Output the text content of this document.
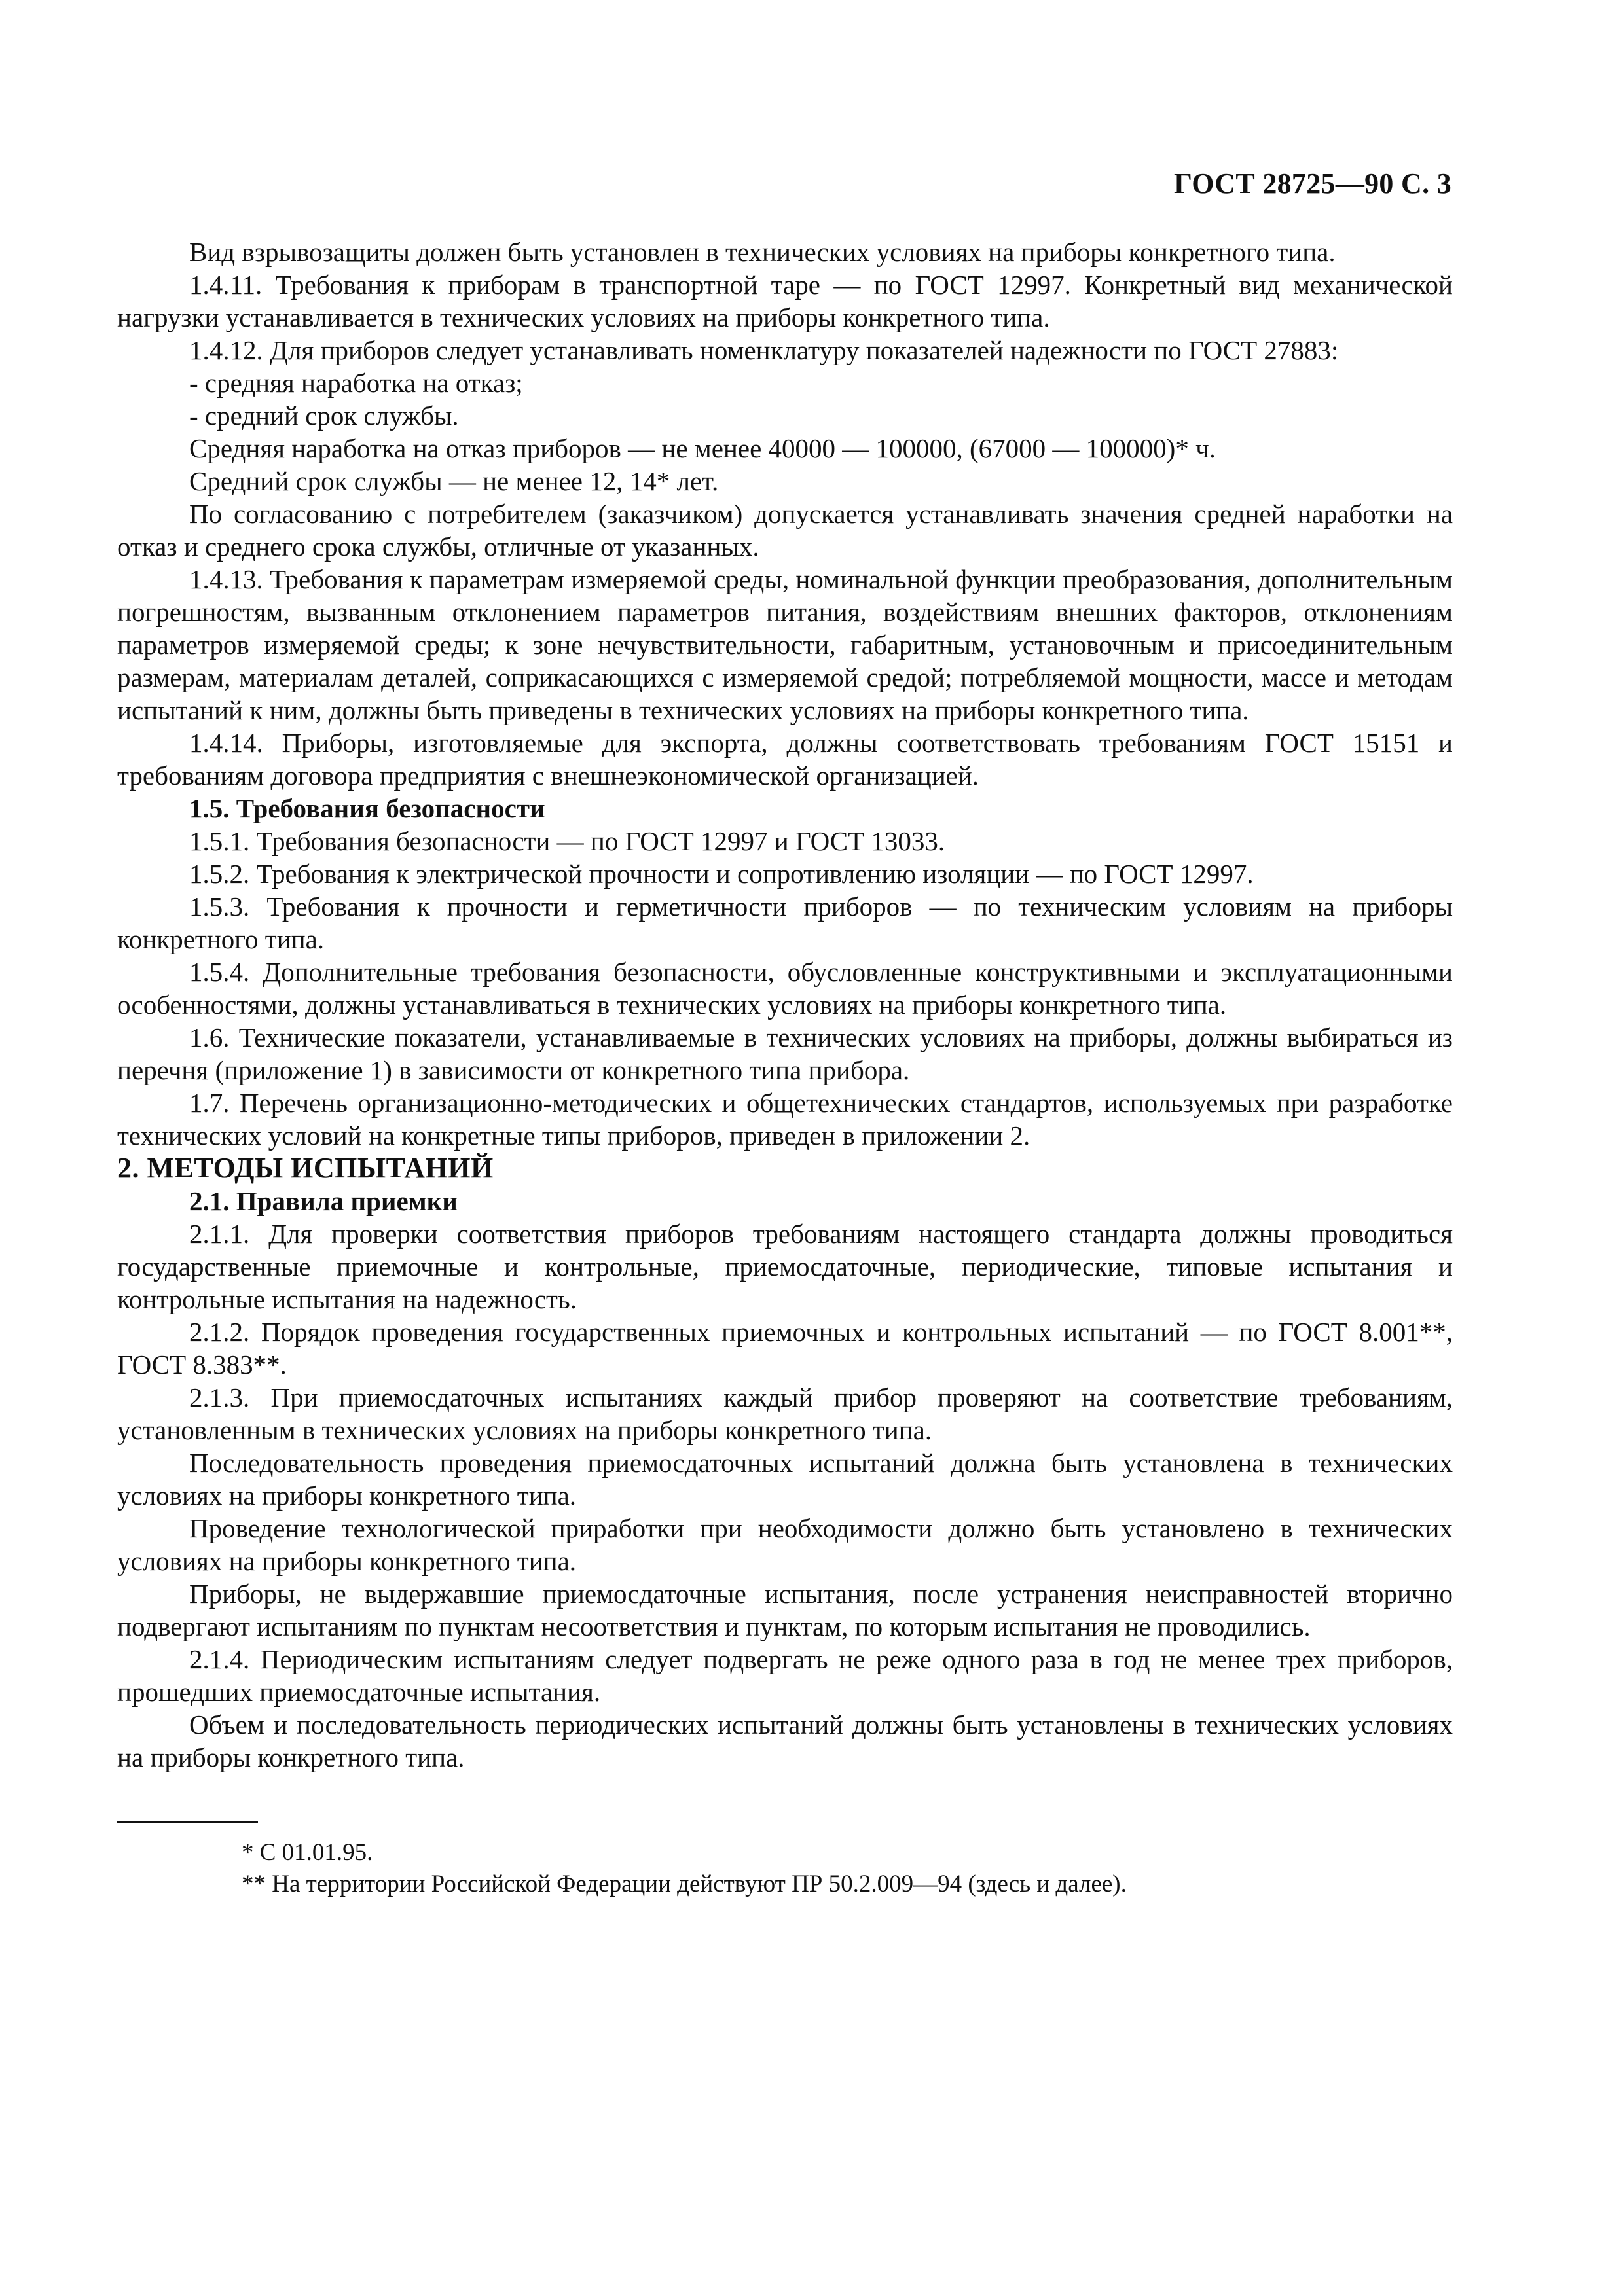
ГОСТ 28725—90 С. 3

Вид взрывозащиты должен быть установлен в технических условиях на приборы конкретного типа.

1.4.11. Требования к приборам в транспортной таре — по ГОСТ 12997. Конкретный вид механической нагрузки устанавливается в технических условиях на приборы конкретного типа.

1.4.12. Для приборов следует устанавливать номенклатуру показателей надежности по ГОСТ 27883:

- средняя наработка на отказ;

- средний срок службы.

Средняя наработка на отказ приборов — не менее 40000 — 100000, (67000 — 100000)* ч.

Средний срок службы — не менее 12, 14* лет.

По согласованию с потребителем (заказчиком) допускается устанавливать значения средней наработки на отказ и среднего срока службы, отличные от указанных.

1.4.13. Требования к параметрам измеряемой среды, номинальной функции преобразования, дополнительным погрешностям, вызванным отклонением параметров питания, воздействиям внешних факторов, отклонениям параметров измеряемой среды; к зоне нечувствительности, габаритным, установочным и присоединительным размерам, материалам деталей, соприкасающихся с измеряемой средой; потребляемой мощности, массе и методам испытаний к ним, должны быть приведены в технических условиях на приборы конкретного типа.

1.4.14. Приборы, изготовляемые для экспорта, должны соответствовать требованиям ГОСТ 15151 и требованиям договора предприятия с внешнеэкономической организацией.

1.5. Требования безопасности

1.5.1. Требования безопасности — по ГОСТ 12997 и ГОСТ 13033.

1.5.2. Требования к электрической прочности и сопротивлению изоляции — по ГОСТ 12997.

1.5.3. Требования к прочности и герметичности приборов — по техническим условиям на приборы конкретного типа.

1.5.4. Дополнительные требования безопасности, обусловленные конструктивными и эксплуатационными особенностями, должны устанавливаться в технических условиях на приборы конкретного типа.

1.6. Технические показатели, устанавливаемые в технических условиях на приборы, должны выбираться из перечня (приложение 1) в зависимости от конкретного типа прибора.

1.7. Перечень организационно-методических и общетехнических стандартов, используемых при разработке технических условий на конкретные типы приборов, приведен в приложении 2.

2. МЕТОДЫ ИСПЫТАНИЙ

2.1. Правила приемки

2.1.1. Для проверки соответствия приборов требованиям настоящего стандарта должны проводиться государственные приемочные и контрольные, приемосдаточные, периодические, типовые испытания и контрольные испытания на надежность.

2.1.2. Порядок проведения государственных приемочных и контрольных испытаний — по ГОСТ 8.001**, ГОСТ 8.383**.

2.1.3. При приемосдаточных испытаниях каждый прибор проверяют на соответствие требованиям, установленным в технических условиях на приборы конкретного типа.

Последовательность проведения приемосдаточных испытаний должна быть установлена в технических условиях на приборы конкретного типа.

Проведение технологической приработки при необходимости должно быть установлено в технических условиях на приборы конкретного типа.

Приборы, не выдержавшие приемосдаточные испытания, после устранения неисправностей вторично подвергают испытаниям по пунктам несоответствия и пунктам, по которым испытания не проводились.

2.1.4. Периодическим испытаниям следует подвергать не реже одного раза в год не менее трех приборов, прошедших приемосдаточные испытания.

Объем и последовательность периодических испытаний должны быть установлены в технических условиях на приборы конкретного типа.

* С 01.01.95.

** На территории Российской Федерации действуют ПР 50.2.009—94 (здесь и далее).
